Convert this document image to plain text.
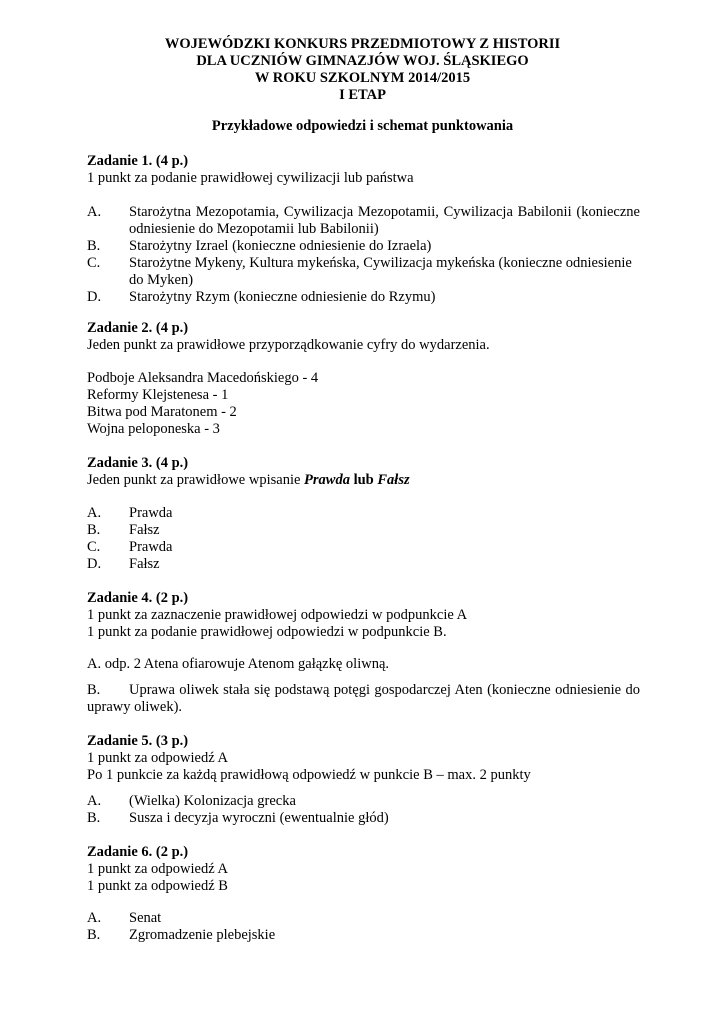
WOJEWÓDZKI KONKURS PRZEDMIOTOWY Z HISTORII
DLA UCZNIÓW GIMNAZJÓW WOJ. ŚLĄSKIEGO
W ROKU SZKOLNYM 2014/2015
I ETAP
Przykładowe odpowiedzi i schemat punktowania
Zadanie 1. (4 p.)
1 punkt za podanie prawidłowej cywilizacji lub państwa
A.	Starożytna Mezopotamia, Cywilizacja Mezopotamii, Cywilizacja Babilonii (konieczne odniesienie do Mezopotamii lub Babilonii)
B.	Starożytny Izrael (konieczne odniesienie do Izraela)
C.	Starożytne Mykeny, Kultura mykeńska, Cywilizacja mykeńska (konieczne odniesienie do Myken)
D.	Starożytny Rzym (konieczne odniesienie do Rzymu)
Zadanie 2. (4 p.)
Jeden punkt za prawidłowe przyporządkowanie cyfry do wydarzenia.
Podboje Aleksandra Macedońskiego - 4
Reformy Klejstenesa - 1
Bitwa pod Maratonem - 2
Wojna peloponeska - 3
Zadanie 3. (4 p.)
Jeden punkt za prawidłowe wpisanie Prawda lub Fałsz
A.	Prawda
B.	Fałsz
C.	Prawda
D.	Fałsz
Zadanie 4. (2 p.)
1 punkt za zaznaczenie prawidłowej odpowiedzi w podpunkcie A
1 punkt za podanie prawidłowej odpowiedzi w podpunkcie B.
A. odp. 2 Atena ofiarowuje Atenom gałązkę oliwną.
B. Uprawa oliwek stała się podstawą potęgi gospodarczej Aten (konieczne odniesienie do uprawy oliwek).
Zadanie 5. (3 p.)
1 punkt za odpowiedź A
Po 1 punkcie za każdą prawidłową odpowiedź w punkcie B – max. 2 punkty
A.	(Wielka) Kolonizacja grecka
B.	Susza i decyzja wyroczni (ewentualnie głód)
Zadanie 6. (2 p.)
1 punkt za odpowiedź A
1 punkt za odpowiedź B
A.	Senat
B.	Zgromadzenie plebejskie
